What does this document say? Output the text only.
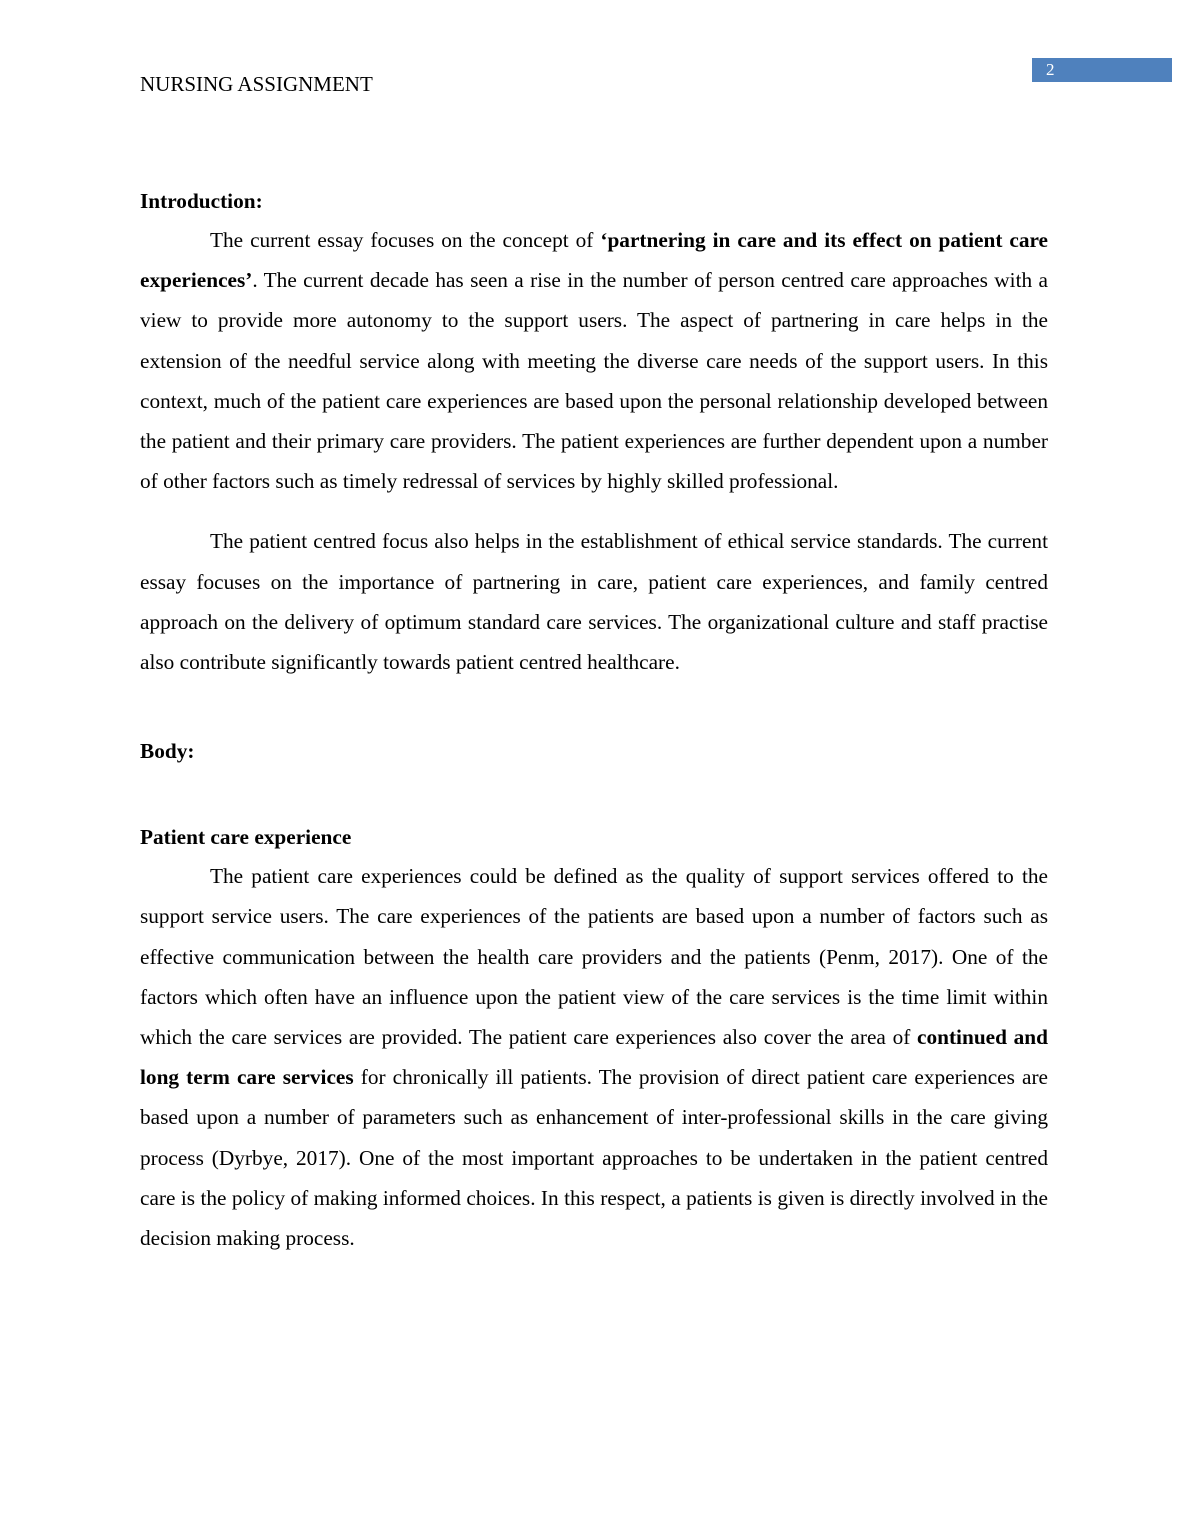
2
NURSING ASSIGNMENT
Introduction:

The current essay focuses on the concept of ‘partnering in care and its effect on patient care experiences’. The current decade has seen a rise in the number of person centred care approaches with a view to provide more autonomy to the support users. The aspect of partnering in care helps in the extension of the needful service along with meeting the diverse care needs of the support users. In this context, much of the patient care experiences are based upon the personal relationship developed between the patient and their primary care providers. The patient experiences are further dependent upon a number of other factors such as timely redressal of services by highly skilled professional.

The patient centred focus also helps in the establishment of ethical service standards. The current essay focuses on the importance of partnering in care, patient care experiences, and family centred approach on the delivery of optimum standard care services. The organizational culture and staff practise also contribute significantly towards patient centred healthcare.

Body:
Patient care experience

The patient care experiences could be defined as the quality of support services offered to the support service users. The care experiences of the patients are based upon a number of factors such as effective communication between the health care providers and the patients (Penm, 2017). One of the factors which often have an influence upon the patient view of the care services is the time limit within which the care services are provided. The patient care experiences also cover the area of continued and long term care services for chronically ill patients. The provision of direct patient care experiences are based upon a number of parameters such as enhancement of inter-professional skills in the care giving process (Dyrbye, 2017). One of the most important approaches to be undertaken in the patient centred care is the policy of making informed choices. In this respect, a patients is given is directly involved in the decision making process.
